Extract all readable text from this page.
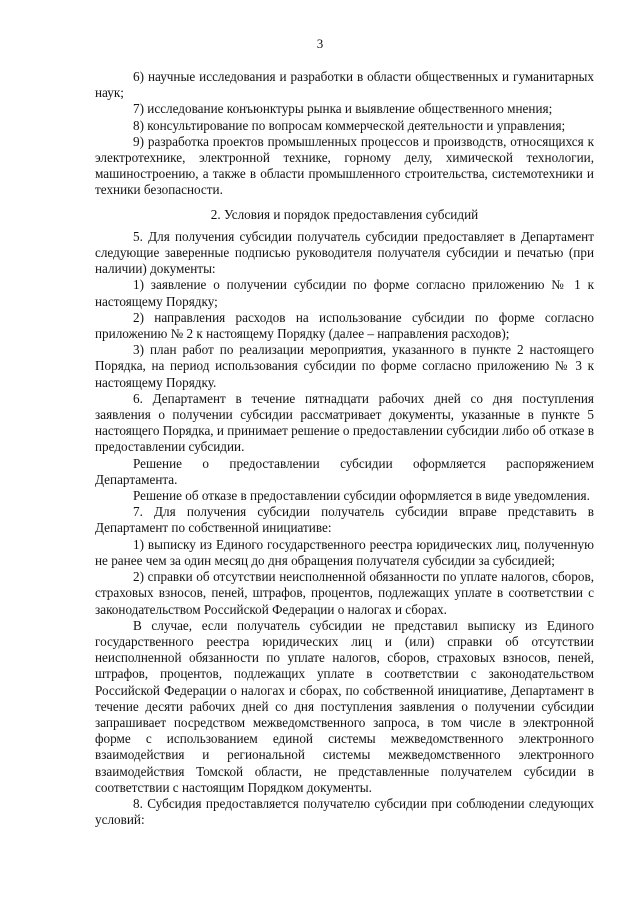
3

6) научные исследования и разработки в области общественных и гуманитарных наук;

7) исследование конъюнктуры рынка и выявление общественного мнения;

8) консультирование по вопросам коммерческой деятельности и управления;

9) разработка проектов промышленных процессов и производств, относящихся к электротехнике, электронной технике, горному делу, химической технологии, машиностроению, а также в области промышленного строительства, системотехники и техники безопасности.

2. Условия и порядок предоставления субсидий

5. Для получения субсидии получатель субсидии предоставляет в Департамент следующие заверенные подписью руководителя получателя субсидии и печатью (при наличии) документы:

1) заявление о получении субсидии по форме согласно приложению № 1 к настоящему Порядку;

2) направления расходов на использование субсидии по форме согласно приложению № 2 к настоящему Порядку (далее – направления расходов);

3) план работ по реализации мероприятия, указанного в пункте 2 настоящего Порядка, на период использования субсидии по форме согласно приложению № 3 к настоящему Порядку.

6. Департамент в течение пятнадцати рабочих дней со дня поступления заявления о получении субсидии рассматривает документы, указанные в пункте 5 настоящего Порядка, и принимает решение о предоставлении субсидии либо об отказе в предоставлении субсидии.

Решение о предоставлении субсидии оформляется распоряжением Департамента.

Решение об отказе в предоставлении субсидии оформляется в виде уведомления.

7. Для получения субсидии получатель субсидии вправе представить в Департамент по собственной инициативе:

1) выписку из Единого государственного реестра юридических лиц, полученную не ранее чем за один месяц до дня обращения получателя субсидии за субсидией;

2) справки об отсутствии неисполненной обязанности по уплате налогов, сборов, страховых взносов, пеней, штрафов, процентов, подлежащих уплате в соответствии с законодательством Российской Федерации о налогах и сборах.

В случае, если получатель субсидии не представил выписку из Единого государственного реестра юридических лиц и (или) справки об отсутствии неисполненной обязанности по уплате налогов, сборов, страховых взносов, пеней, штрафов, процентов, подлежащих уплате в соответствии с законодательством Российской Федерации о налогах и сборах, по собственной инициативе, Департамент в течение десяти рабочих дней со дня поступления заявления о получении субсидии запрашивает посредством межведомственного запроса, в том числе в электронной форме с использованием единой системы межведомственного электронного взаимодействия и региональной системы межведомственного электронного взаимодействия Томской области, не представленные получателем субсидии в соответствии с настоящим Порядком документы.

8. Субсидия предоставляется получателю субсидии при соблюдении следующих условий:
